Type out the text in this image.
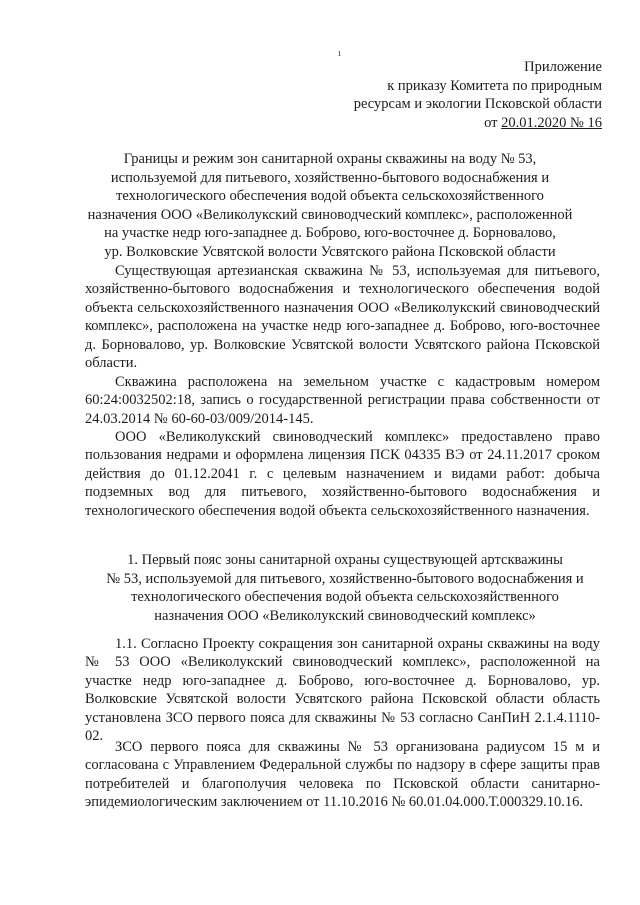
ı
Приложение
к приказу Комитета по природным
ресурсам и экологии Псковской области
от 20.01.2020 № 16
Границы и режим зон санитарной охраны скважины на воду № 53,
используемой для питьевого, хозяйственно-бытового водоснабжения и
технологического обеспечения водой объекта сельскохозяйственного
назначения ООО «Великолукский свиноводческий комплекс», расположенной
на участке недр юго-западнее д. Боброво, юго-восточнее д. Борновалово,
ур. Волковские Усвятской волости Усвятского района Псковской области

Существующая артезианская скважина № 53, используемая для питьевого, хозяйственно-бытового водоснабжения и технологического обеспечения водой объекта сельскохозяйственного назначения ООО «Великолукский свиноводческий комплекс», расположена на участке недр юго-западнее д. Боброво, юго-восточнее д. Борновалово, ур. Волковские Усвятской волости Усвятского района Псковской области.

Скважина расположена на земельном участке с кадастровым номером 60:24:0032502:18, запись о государственной регистрации права собственности от 24.03.2014 № 60-60-03/009/2014-145.

ООО «Великолукский свиноводческий комплекс» предоставлено право пользования недрами и оформлена лицензия ПСК 04335 ВЭ от 24.11.2017 сроком действия до 01.12.2041 г. с целевым назначением и видами работ: добыча подземных вод для питьевого, хозяйственно-бытового водоснабжения и технологического обеспечения водой объекта сельскохозяйственного назначения.

1. Первый пояс зоны санитарной охраны существующей артскважины
№ 53, используемой для питьевого, хозяйственно-бытового водоснабжения и
технологического обеспечения водой объекта сельскохозяйственного
назначения ООО «Великолукский свиноводческий комплекс»

1.1. Согласно Проекту сокращения зон санитарной охраны скважины на воду № 53 ООО «Великолукский свиноводческий комплекс», расположенной на участке недр юго-западнее д. Боброво, юго-восточнее д. Борновалово, ур. Волковские Усвятской волости Усвятского района Псковской области область установлена ЗСО первого пояса для скважины № 53 согласно СанПиН 2.1.4.1110-02.

ЗСО первого пояса для скважины № 53 организована радиусом 15 м и согласована с Управлением Федеральной службы по надзору в сфере защиты прав потребителей и благополучия человека по Псковской области санитарно-эпидемиологическим заключением от 11.10.2016 № 60.01.04.000.Т.000329.10.16.
